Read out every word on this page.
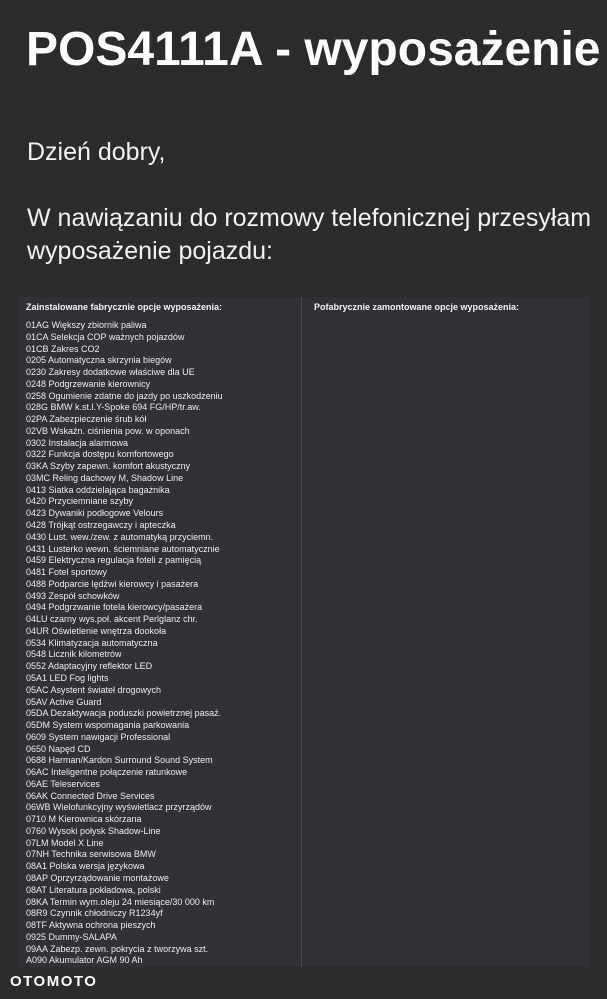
POS4111A - wyposażenie
Dzień dobry,
W nawiązaniu do rozmowy telefonicznej przesyłam
wyposażenie pojazdu:
Zainstalowane fabrycznie opcje wyposażenia:	Pofabrycznie zamontowane opcje wyposażenia:
01AG Większy zbiornik paliwa
01CA Selekcja COP ważnych pojazdów
01CB Zakres CO2
0205 Automatyczna skrzynia biegów
0230 Zakresy dodatkowe właściwe dla UE
0248 Podgrzewanie kierownicy
0258 Ogumienie zdatne do jazdy po uszkodzeniu
028G BMW k.st.l.Y-Spoke 694 FG/HP/tr.aw.
02PA Zabezpieczenie śrub kół
02VB Wskaźn. ciśnienia pow. w oponach
0302 Instalacja alarmowa
0322 Funkcja dostępu komfortowego
03KA Szyby zapewn. komfort akustyczny
03MC Reling dachowy M, Shadow Line
0413 Siatka oddzielająca bagażnika
0420 Przyciemniane szyby
0423 Dywaniki podłogowe Velours
0428 Trójkąt ostrzegawczy i apteczka
0430 Lust. wew./zew. z automatyką przyciemn.
0431 Lusterko wewn. ściemniane automatycznie
0459 Elektryczna regulacja foteli z pamięcią
0481 Fotel sportowy
0488 Podparcie lędźwi kierowcy i pasażera
0493 Zespół schowków
0494 Podgrzwanie fotela kierowcy/pasażera
04LU czarny wys.poł. akcent Perlglanz chr.
04UR Oświetlenie wnętrza dookoła
0534 Klimatyzacja automatyczna
0548 Licznik kilometrów
0552 Adaptacyjny reflektor LED
05A1 LED Fog lights
05AC Asystent świateł drogowych
05AV Active Guard
05DA Dezaktywacja poduszki powietrznej pasaż.
05DM System wspomagania parkowania
0609 System nawigacji Professional
0650 Napęd CD
0688 Harman/Kardon Surround Sound System
06AC Inteligentne połączenie ratunkowe
06AE Teleservices
06AK Connected Drive Services
06WB Wielofunkcyjny wyświetlacz przyrządów
0710 M Kierownica skórzana
0760 Wysoki połysk Shadow-Line
07LM Model X Line
07NH Technika serwisowa BMW
08A1 Polska wersja językowa
08AP Oprzyrządowanie montażowe
08AT Literatura pokładowa, polski
08KA Termin wym.oleju 24 miesiące/30 000 km
08R9 Czynnik chłodniczy R1234yf
08TF Aktywna ochrona pieszych
0925 Dummy-SALAPA
09AA Zabezp. zewn. pokrycia z tworzywa szt.
A090 Akumulator AGM 90 Ah
OTOMOTO
